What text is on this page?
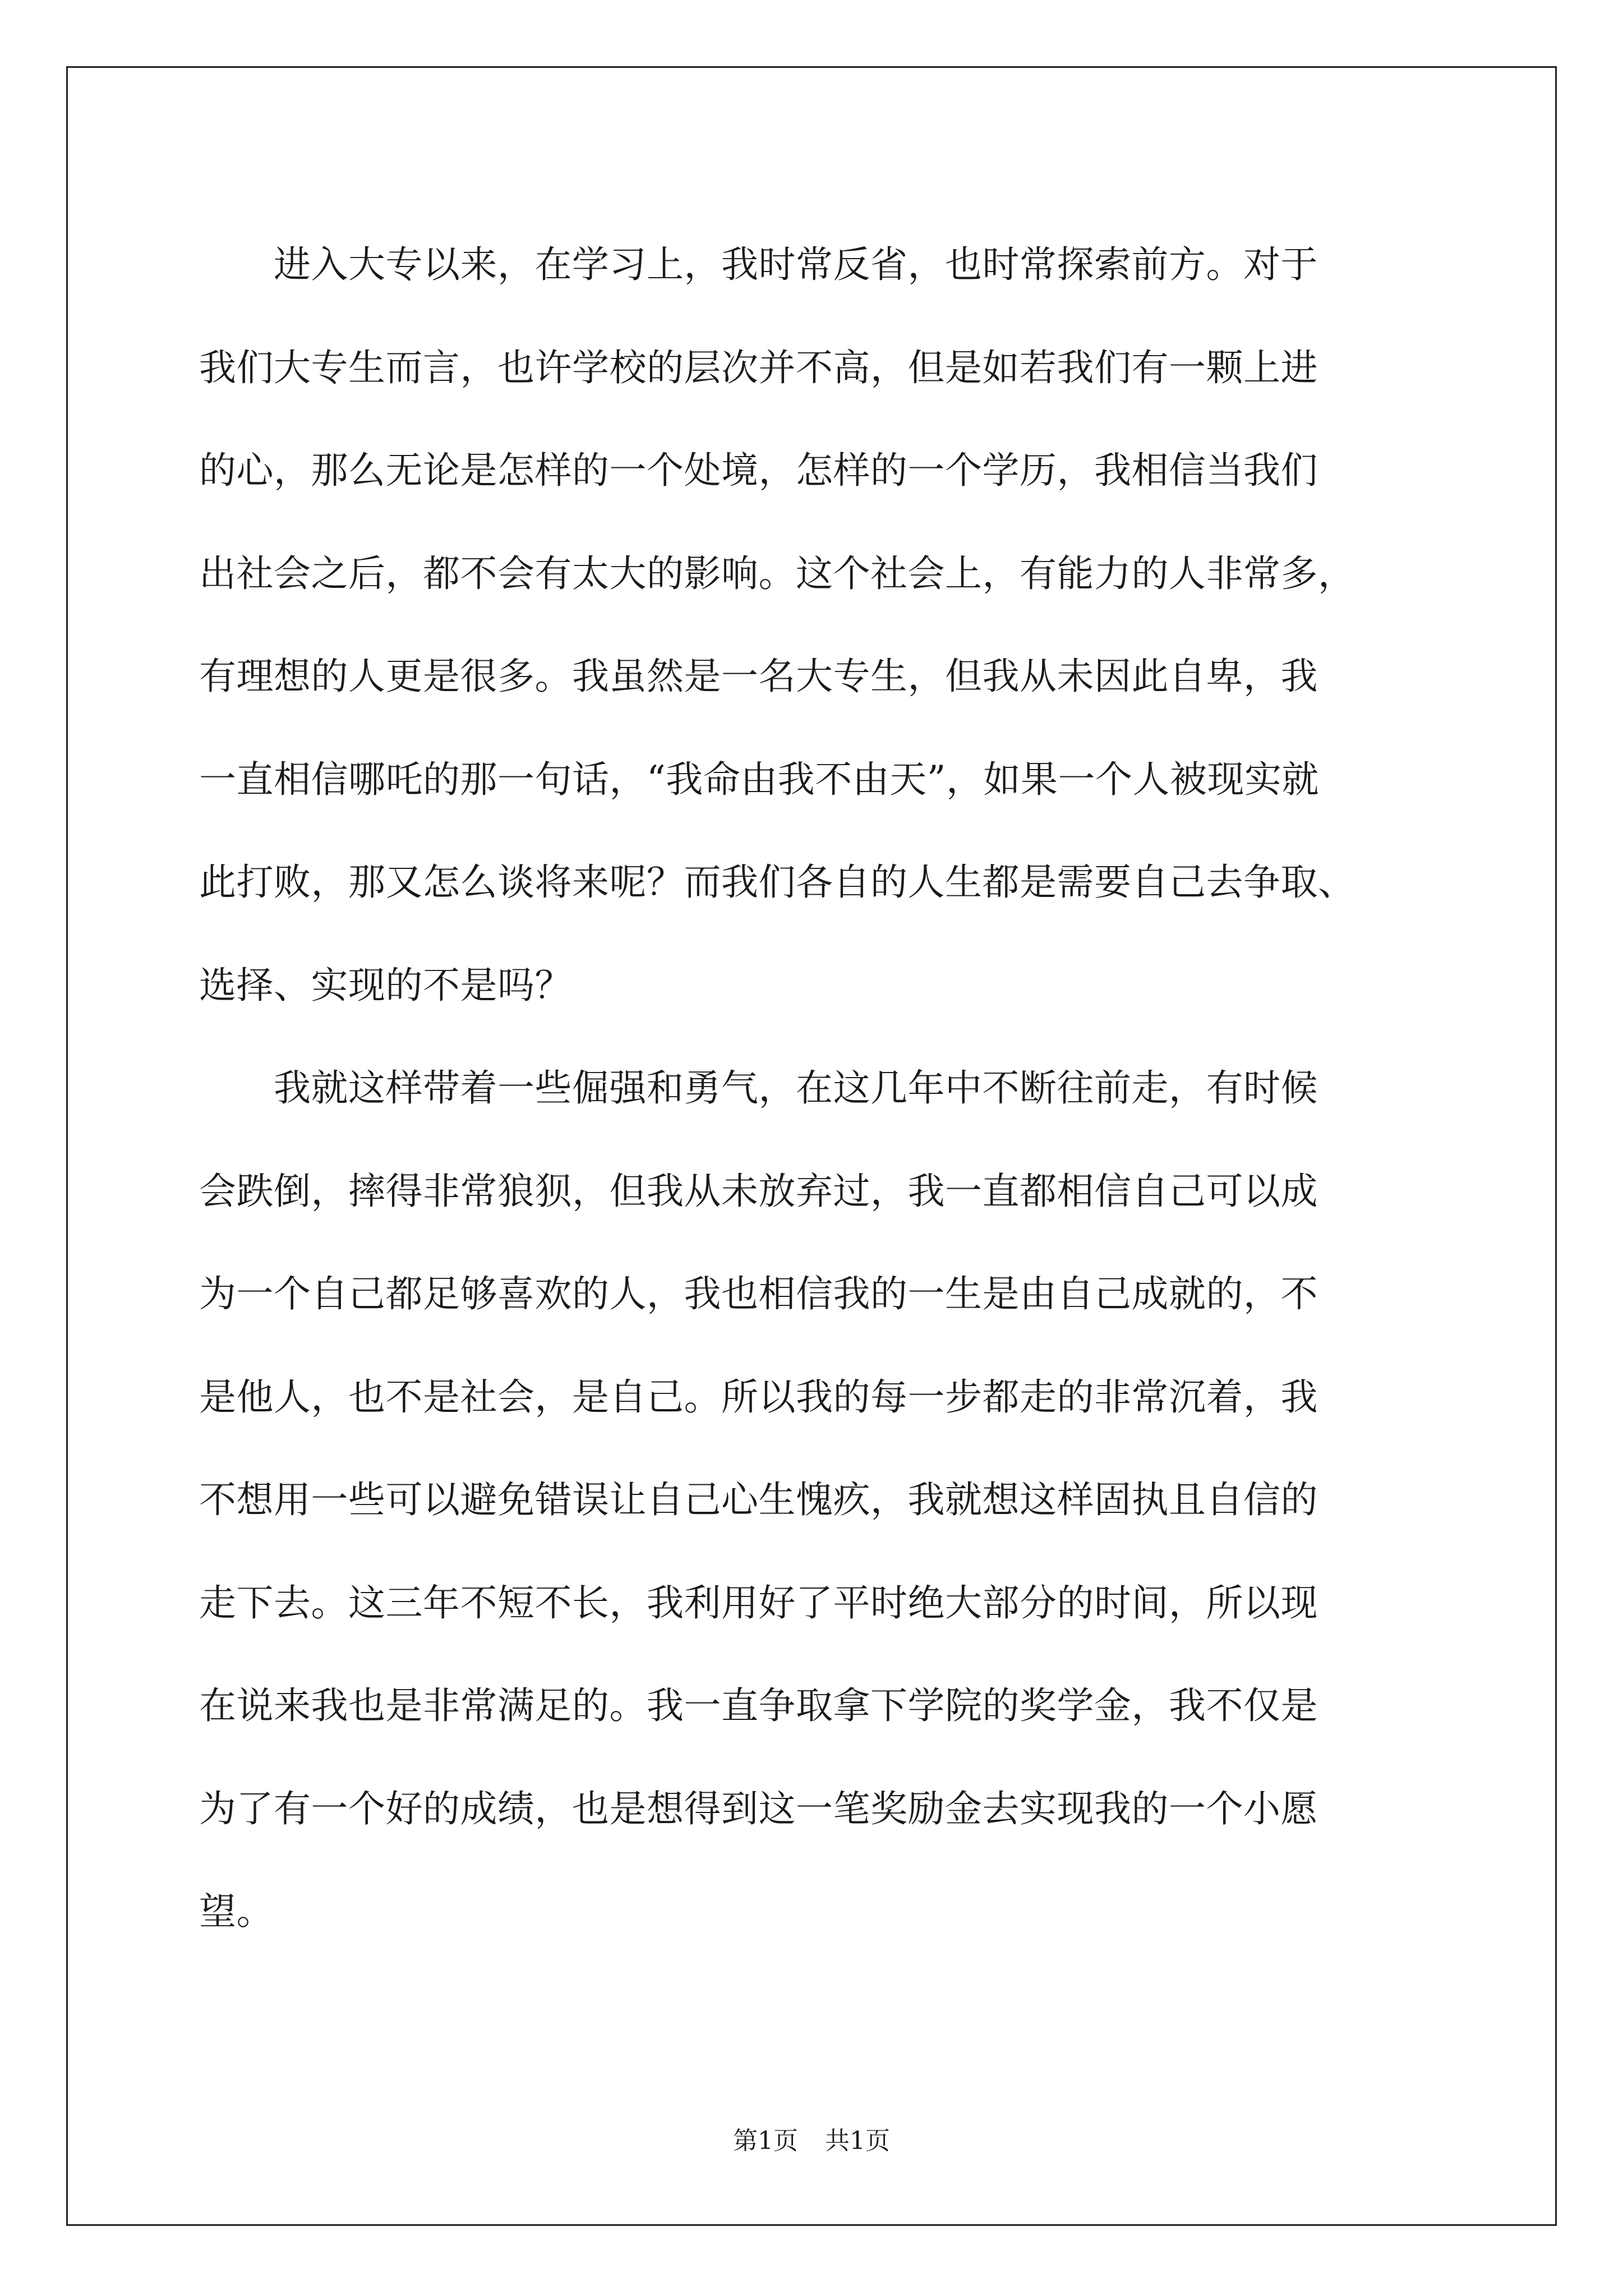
　　进入大专以来，在学习上，我时常反省，也时常探索前方。对于
我们大专生而言，也许学校的层次并不高，但是如若我们有一颗上进
的心，那么无论是怎样的一个处境，怎样的一个学历，我相信当我们
出社会之后，都不会有太大的影响。这个社会上，有能力的人非常多，
有理想的人更是很多。我虽然是一名大专生，但我从未因此自卑，我
一直相信哪吒的那一句话，“我命由我不由天”，如果一个人被现实就
此打败，那又怎么谈将来呢？而我们各自的人生都是需要自己去争取、
选择、实现的不是吗？
　　我就这样带着一些倔强和勇气，在这几年中不断往前走，有时候
会跌倒，摔得非常狼狈，但我从未放弃过，我一直都相信自己可以成
为一个自己都足够喜欢的人，我也相信我的一生是由自己成就的，不
是他人，也不是社会，是自己。所以我的每一步都走的非常沉着，我
不想用一些可以避免错误让自己心生愧疚，我就想这样固执且自信的
走下去。这三年不短不长，我利用好了平时绝大部分的时间，所以现
在说来我也是非常满足的。我一直争取拿下学院的奖学金，我不仅是
为了有一个好的成绩，也是想得到这一笔奖励金去实现我的一个小愿
望。
第1页 共1页
